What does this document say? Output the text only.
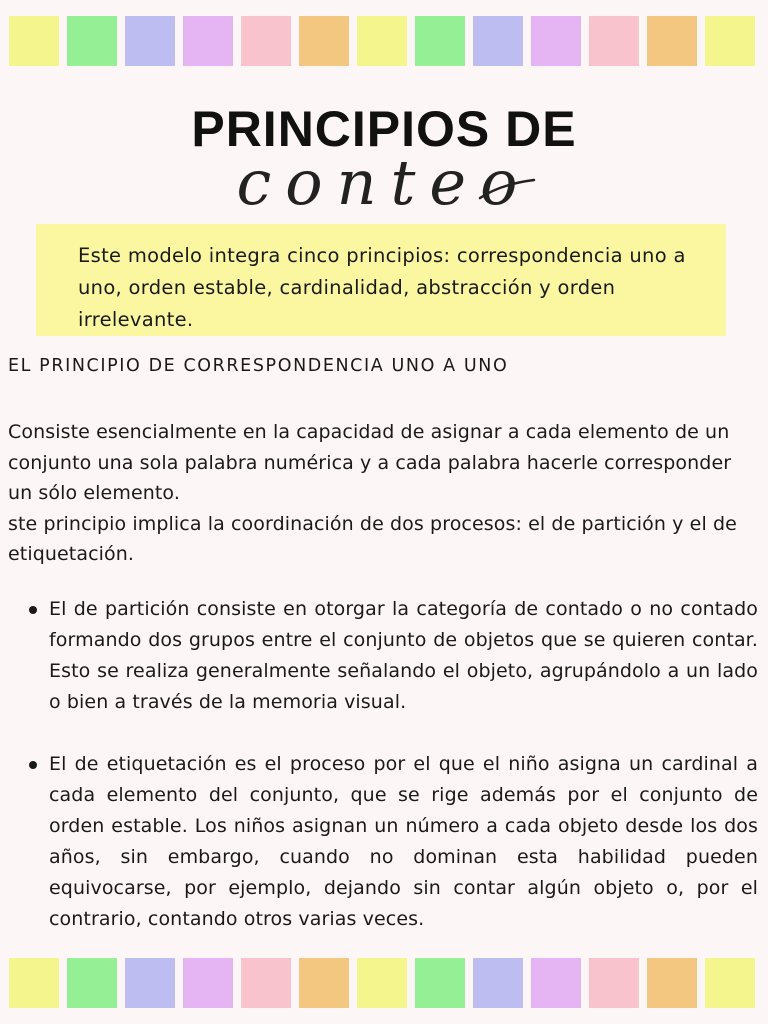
PRINCIPIOS DE
conteo
Este modelo integra cinco principios: correspondencia uno a uno, orden estable, cardinalidad, abstracción y orden irrelevante.
EL PRINCIPIO DE CORRESPONDENCIA UNO A UNO

Consiste esencialmente en la capacidad de asignar a cada elemento de un conjunto una sola palabra numérica y a cada palabra hacerle corresponder un sólo elemento.
ste principio implica la coordinación de dos procesos: el de partición y el de etiquetación.

El de partición consiste en otorgar la categoría de contado o no contado formando dos grupos entre el conjunto de objetos que se quieren contar. Esto se realiza generalmente señalando el objeto, agrupándolo a un lado o bien a través de la memoria visual.
El de etiquetación es el proceso por el que el niño asigna un cardinal a cada elemento del conjunto, que se rige además por el conjunto de orden estable. Los niños asignan un número a cada objeto desde los dos años, sin embargo, cuando no dominan esta habilidad pueden equivocarse, por ejemplo, dejando sin contar algún objeto o, por el contrario, contando otros varias veces.
